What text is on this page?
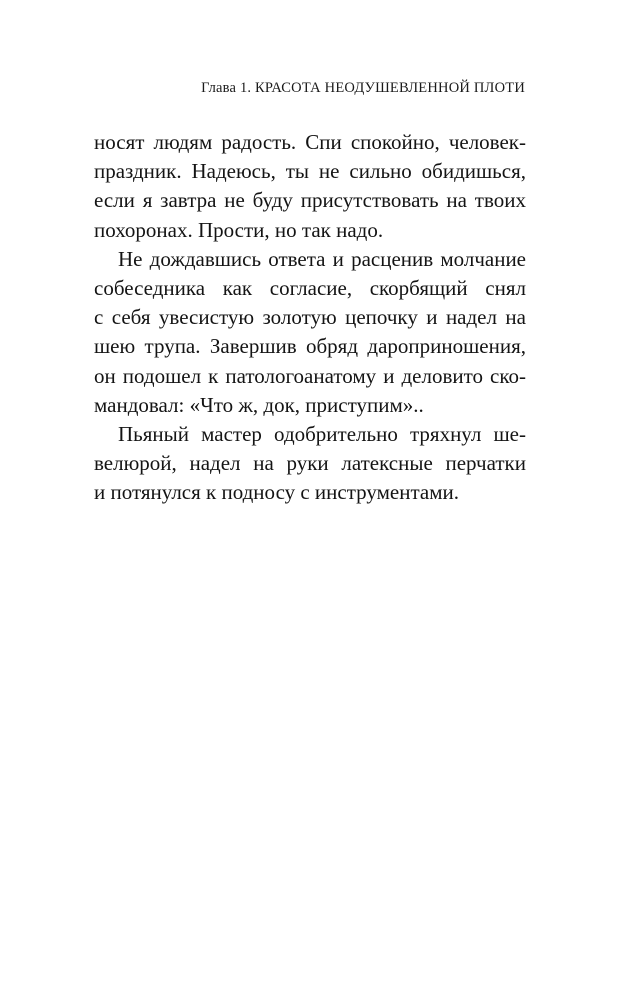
Глава 1. КРАСОТА НЕОДУШЕВЛЕННОЙ ПЛОТИ

носят людям радость. Спи спокойно, человек-
праздник. Надеюсь, ты не сильно обидишься,
если я завтра не буду присутствовать на твоих
похоронах. Прости, но так надо.

Не дождавшись ответа и расценив молчание
собеседника как согласие, скорбящий снял
с себя увесистую золотую цепочку и надел на
шею трупа. Завершив обряд дароприношения,
он подошел к патологоанатому и деловито ско-
мандовал: «Что ж, док, приступим»..

Пьяный мастер одобрительно тряхнул ше-
велюрой, надел на руки латексные перчатки
и потянулся к подносу с инструментами.
